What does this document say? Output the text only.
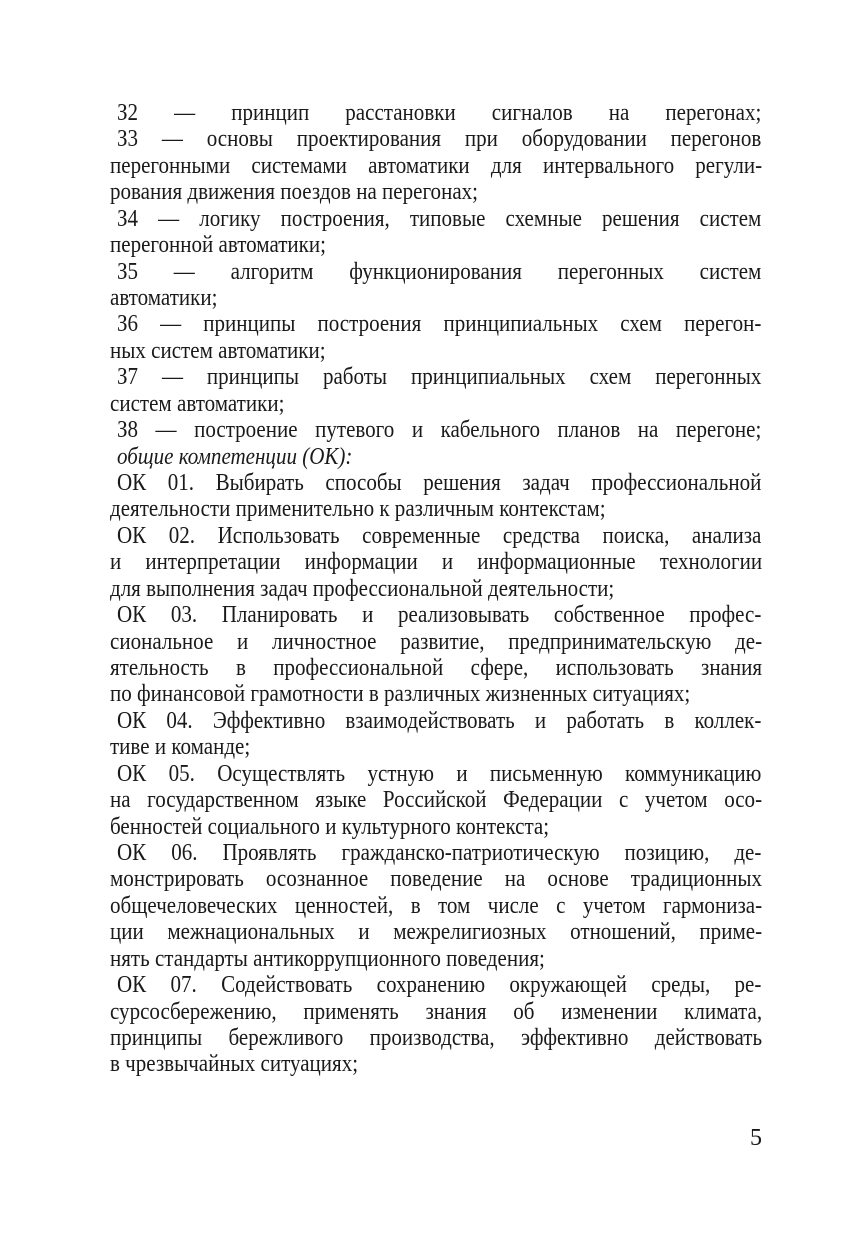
З2 — принцип расстановки сигналов на перегонах;
З3 — основы проектирования при оборудовании перегонов
перегонными системами автоматики для интервального регули-
рования движения поездов на перегонах;
З4 — логику построения, типовые схемные решения систем
перегонной автоматики;
З5 — алгоритм функционирования перегонных систем
автоматики;
З6 — принципы построения принципиальных схем перегон-
ных систем автоматики;
З7 — принципы работы принципиальных схем перегонных
систем автоматики;
З8 — построение путевого и кабельного планов на перегоне;
общие компетенции (ОК):
ОК 01. Выбирать способы решения задач профессиональной
деятельности применительно к различным контекстам;
ОК 02. Использовать современные средства поиска, анализа
и интерпретации информации и информационные технологии
для выполнения задач профессиональной деятельности;
ОК 03. Планировать и реализовывать собственное профес-
сиональное и личностное развитие, предпринимательскую де-
ятельность в профессиональной сфере, использовать знания
по финансовой грамотности в различных жизненных ситуациях;
ОК 04. Эффективно взаимодействовать и работать в коллек-
тиве и команде;
ОК 05. Осуществлять устную и письменную коммуникацию
на государственном языке Российской Федерации с учетом осо-
бенностей социального и культурного контекста;
ОК 06. Проявлять гражданско-патриотическую позицию, де-
монстрировать осознанное поведение на основе традиционных
общечеловеческих ценностей, в том числе с учетом гармониза-
ции межнациональных и межрелигиозных отношений, приме-
нять стандарты антикоррупционного поведения;
ОК 07. Содействовать сохранению окружающей среды, ре-
сурсосбережению, применять знания об изменении климата,
принципы бережливого производства, эффективно действовать
в чрезвычайных ситуациях;
5
